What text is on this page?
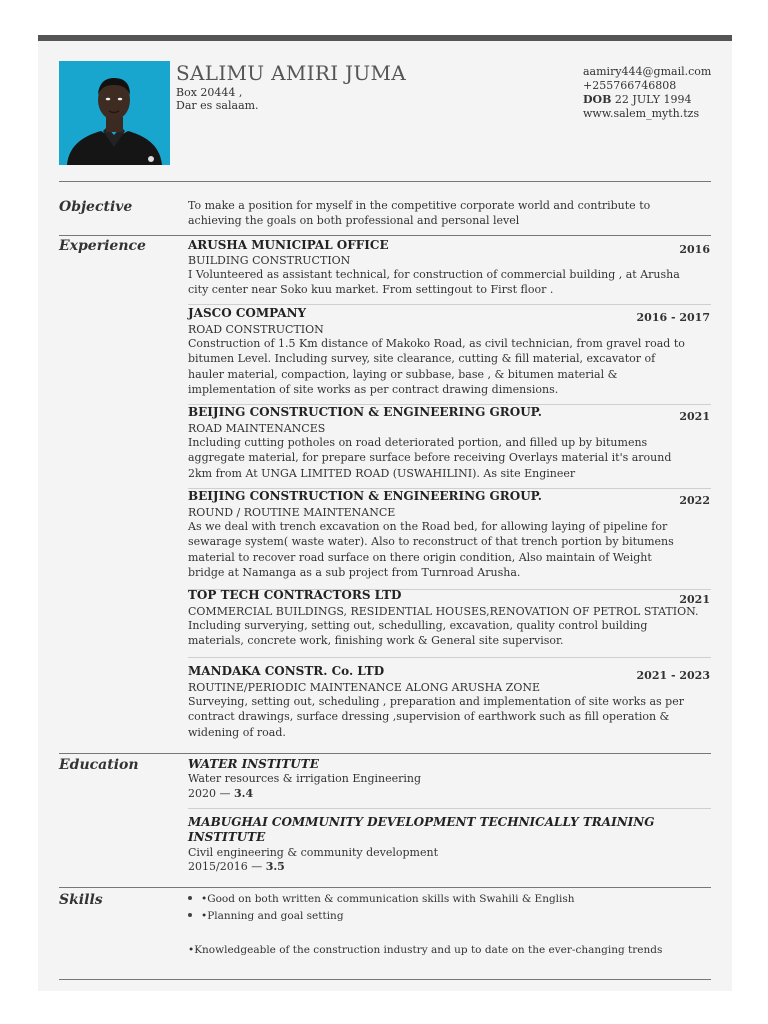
SALIMU AMIRI JUMA
Box 20444 ,
Dar es salaam.
aamiry444@gmail.com
+255766746808
DOB 22 JULY 1994
www.salem_myth.tzs
Objective	To make a position for myself in the competitive corporate world and contribute to achieving the goals on both professional and personal level
Experience	ARUSHA MUNICIPAL OFFICE	2016
BUILDING CONSTRUCTION
I Volunteered as assistant technical, for construction of commercial building , at Arusha city center near Soko kuu market. From settingout to First floor .
JASCO COMPANY	2016 - 2017
ROAD CONSTRUCTION
Construction of 1.5 Km distance of Makoko Road, as civil technician, from gravel road to bitumen Level. Including survey, site clearance, cutting & fill material, excavator of hauler material, compaction, laying or subbase, base , & bitumen material & implementation of site works as per contract drawing dimensions.
BEIJING CONSTRUCTION & ENGINEERING GROUP.	2021
ROAD MAINTENANCES
Including cutting potholes on road deteriorated portion, and filled up by bitumens aggregate material, for prepare surface before receiving Overlays material it's around 2km from At UNGA LIMITED ROAD (USWAHILINI). As site Engineer
BEIJING CONSTRUCTION & ENGINEERING GROUP.	2022
ROUND / ROUTINE MAINTENANCE
As we deal with trench excavation on the Road bed, for allowing laying of pipeline for sewarage system( waste water). Also to reconstruct of that trench portion by bitumens material to recover road surface on there origin condition, Also maintain of Weight bridge at Namanga as a sub project from Turnroad Arusha.
TOP TECH CONTRACTORS LTD	2021
COMMERCIAL BUILDINGS, RESIDENTIAL HOUSES,RENOVATION OF PETROL STATION.
Including surverying, setting out, schedulling, excavation, quality control building materials, concrete work, finishing work & General site supervisor.
MANDAKA CONSTR. Co. LTD	2021 - 2023
ROUTINE/PERIODIC MAINTENANCE ALONG ARUSHA ZONE
Surveying, setting out, scheduling , preparation and implementation of site works as per contract drawings, surface dressing ,supervision of earthwork such as fill operation & widening of road.
Education	WATER INSTITUTE
Water resources & irrigation Engineering
2020 — 3.4
MABUGHAI COMMUNITY DEVELOPMENT TECHNICALLY TRAINING INSTITUTE
Civil engineering & community development
2015/2016 — 3.5
Skills	•Good on both written & communication skills with Swahili & English
•Planning and goal setting
•Knowledgeable of the construction industry and up to date on the ever-changing trends
